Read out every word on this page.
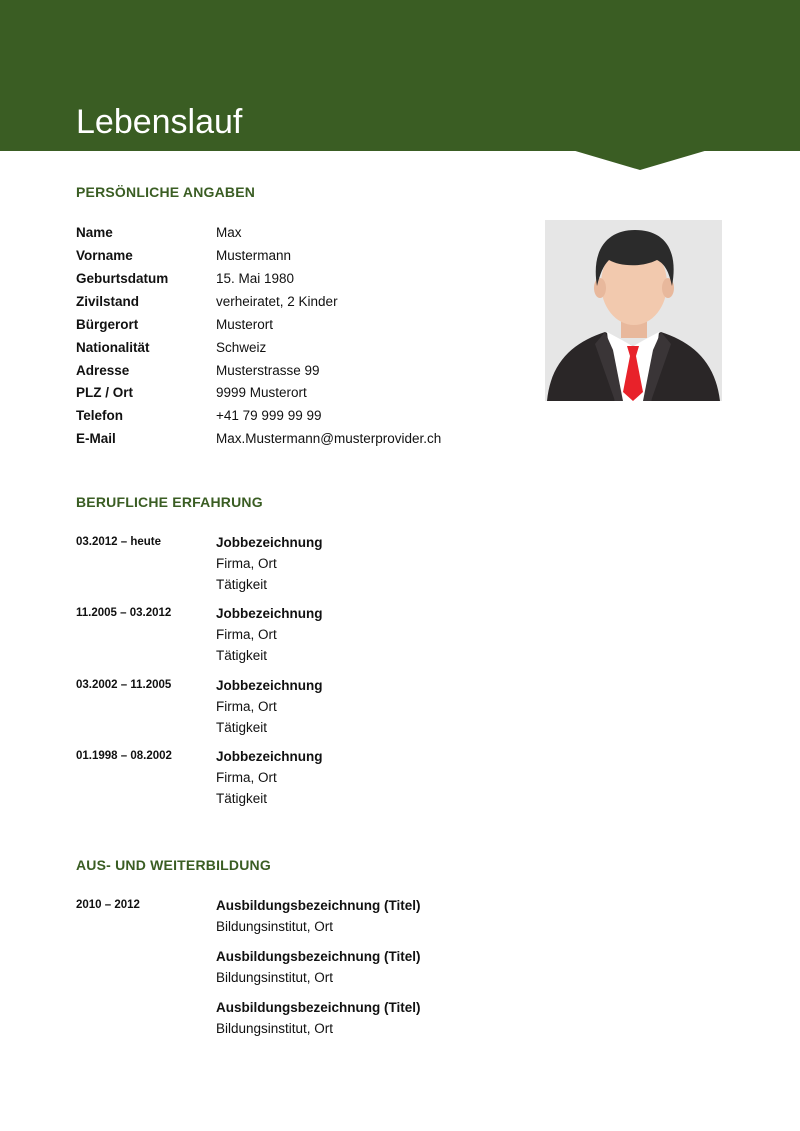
Lebenslauf
PERSÖNLICHE ANGABEN
Name	Max
Vorname	Mustermann
Geburtsdatum	15. Mai 1980
Zivilstand	verheiratet, 2 Kinder
Bürgerort	Musterort
Nationalität	Schweiz
Adresse	Musterstrasse 99
PLZ / Ort	9999 Musterort
Telefon	+41 79 999 99 99
E-Mail	Max.Mustermann@musterprovider.ch
BERUFLICHE ERFAHRUNG
03.2012 – heute	Jobbezeichnung
Firma, Ort
Tätigkeit
11.2005 – 03.2012	Jobbezeichnung
Firma, Ort
Tätigkeit
03.2002 – 11.2005	Jobbezeichnung
Firma, Ort
Tätigkeit
01.1998 – 08.2002	Jobbezeichnung
Firma, Ort
Tätigkeit
AUS- UND WEITERBILDUNG
2010 – 2012	Ausbildungsbezeichnung (Titel)
Bildungsinstitut, Ort
Ausbildungsbezeichnung (Titel)
Bildungsinstitut, Ort
Ausbildungsbezeichnung (Titel)
Bildungsinstitut, Ort
